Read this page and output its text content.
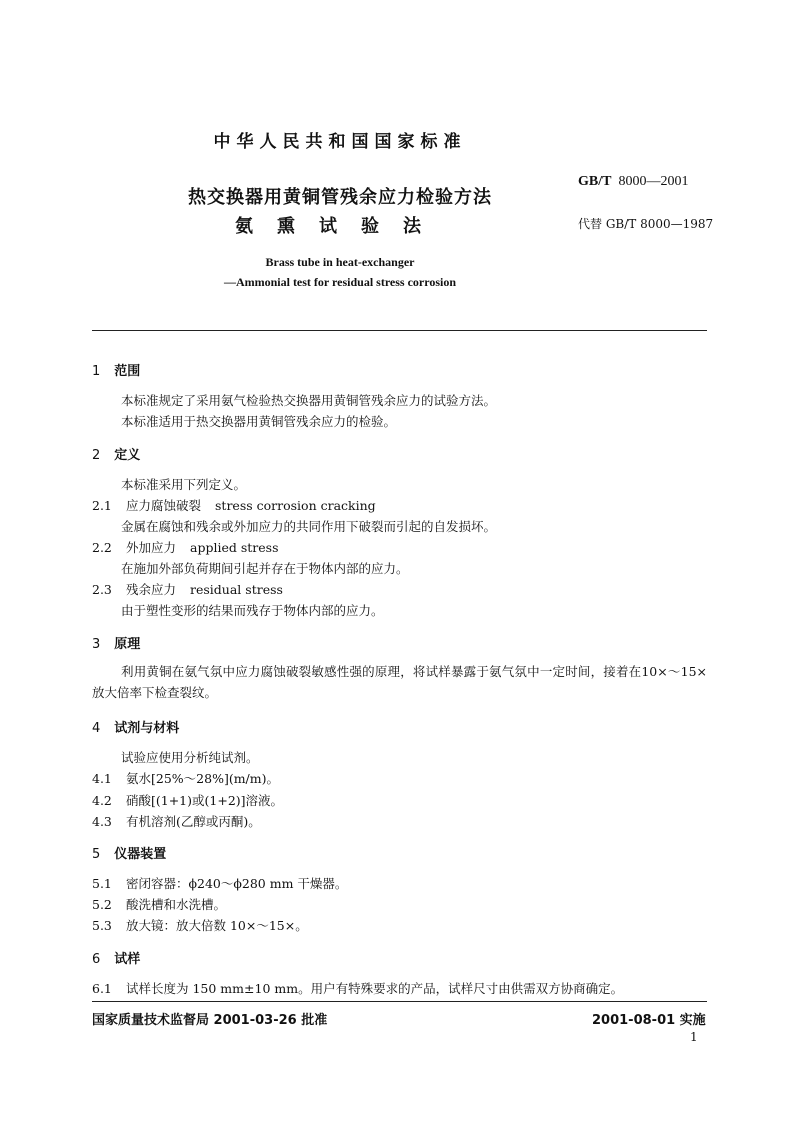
中华人民共和国国家标准
GB/T 8000—2001
热交换器用黄铜管残余应力检验方法
氨熏试验法	代替 GB/T 8000—1987
Brass tube in heat-exchanger
—Ammonial test for residual stress corrosion
1 范围
本标准规定了采用氨气检验热交换器用黄铜管残余应力的试验方法。
本标准适用于热交换器用黄铜管残余应力的检验。
2 定义
本标准采用下列定义。
2.1 应力腐蚀破裂 stress corrosion cracking
金属在腐蚀和残余或外加应力的共同作用下破裂而引起的自发损坏。
2.2 外加应力 applied stress
在施加外部负荷期间引起并存在于物体内部的应力。
2.3 残余应力 residual stress
由于塑性变形的结果而残存于物体内部的应力。
3 原理
利用黄铜在氨气氛中应力腐蚀破裂敏感性强的原理，将试样暴露于氨气氛中一定时间，接着在10×～15×放大倍率下检查裂纹。
4 试剂与材料
试验应使用分析纯试剂。
4.1 氨水[25%～28%](m/m)。
4.2 硝酸[(1+1)或(1+2)]溶液。
4.3 有机溶剂(乙醇或丙酮)。
5 仪器装置
5.1 密闭容器：ϕ240～ϕ280 mm 干燥器。
5.2 酸洗槽和水洗槽。
5.3 放大镜：放大倍数 10×～15×。
6 试样
6.1 试样长度为 150 mm±10 mm。用户有特殊要求的产品，试样尺寸由供需双方协商确定。
国家质量技术监督局 2001-03-26 批准	2001-08-01 实施
1
